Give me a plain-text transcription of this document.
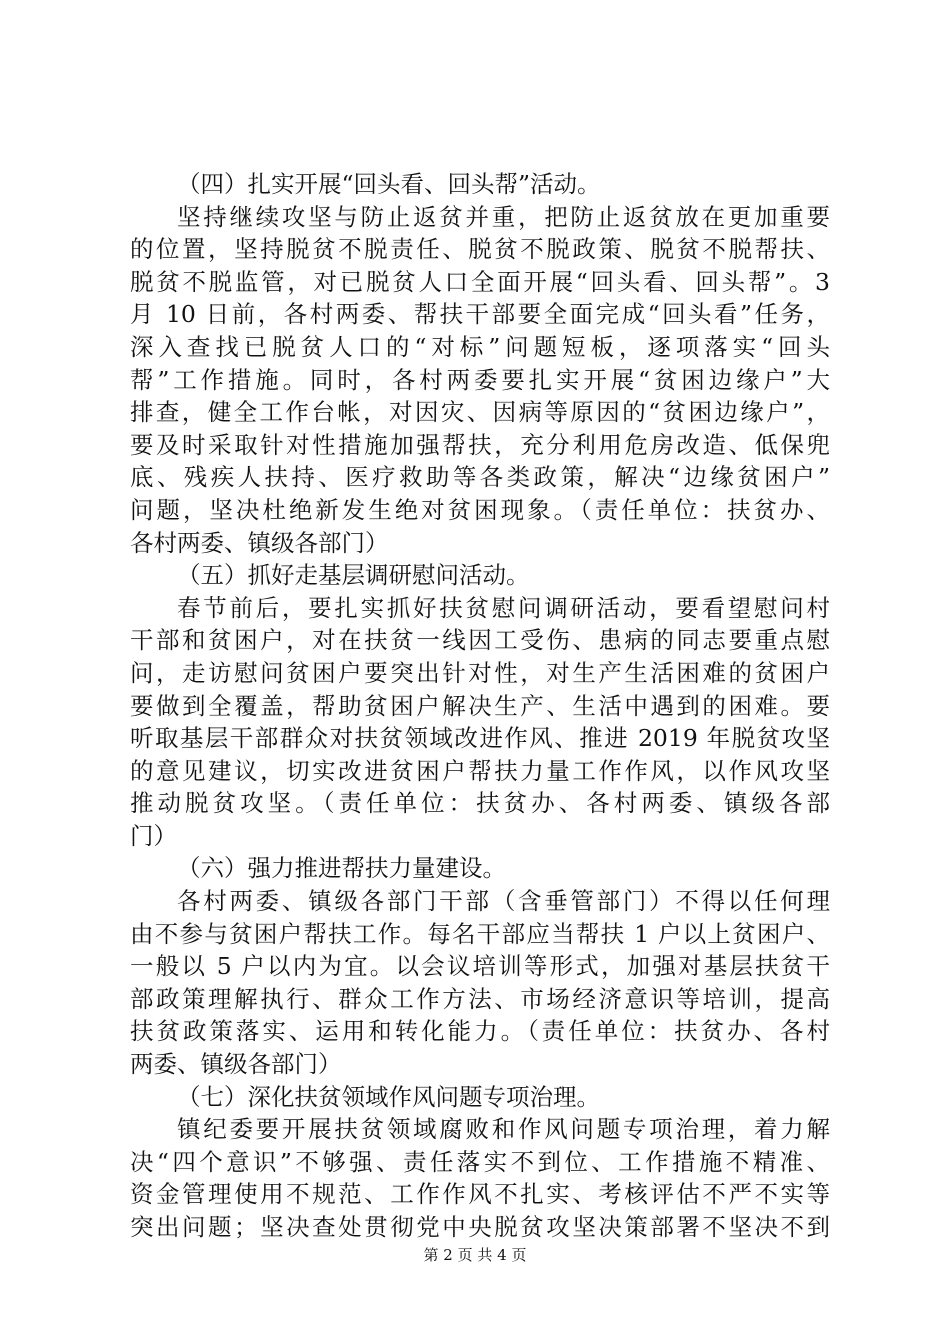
（四）扎实开展“回头看、回头帮”活动。
坚持继续攻坚与防止返贫并重，把防止返贫放在更加重要
的位置，坚持脱贫不脱责任、脱贫不脱政策、脱贫不脱帮扶、
脱贫不脱监管，对已脱贫人口全面开展“回头看、回头帮”。3
月 10 日前，各村两委、帮扶干部要全面完成“回头看”任务，
深入查找已脱贫人口的“对标”问题短板，逐项落实“回头
帮”工作措施。同时，各村两委要扎实开展“贫困边缘户”大
排查，健全工作台帐，对因灾、因病等原因的“贫困边缘户”，
要及时采取针对性措施加强帮扶，充分利用危房改造、低保兜
底、残疾人扶持、医疗救助等各类政策，解决“边缘贫困户”
问题，坚决杜绝新发生绝对贫困现象。（责任单位：扶贫办、
各村两委、镇级各部门）
（五）抓好走基层调研慰问活动。
春节前后，要扎实抓好扶贫慰问调研活动，要看望慰问村
干部和贫困户，对在扶贫一线因工受伤、患病的同志要重点慰
问，走访慰问贫困户要突出针对性，对生产生活困难的贫困户
要做到全覆盖，帮助贫困户解决生产、生活中遇到的困难。要
听取基层干部群众对扶贫领域改进作风、推进 2019 年脱贫攻坚
的意见建议，切实改进贫困户帮扶力量工作作风，以作风攻坚
推动脱贫攻坚。（责任单位：扶贫办、各村两委、镇级各部
门）
（六）强力推进帮扶力量建设。
各村两委、镇级各部门干部（含垂管部门）不得以任何理
由不参与贫困户帮扶工作。每名干部应当帮扶 1 户以上贫困户、
一般以 5 户以内为宜。以会议培训等形式，加强对基层扶贫干
部政策理解执行、群众工作方法、市场经济意识等培训，提高
扶贫政策落实、运用和转化能力。（责任单位：扶贫办、各村
两委、镇级各部门）
（七）深化扶贫领域作风问题专项治理。
镇纪委要开展扶贫领域腐败和作风问题专项治理，着力解
决“四个意识”不够强、责任落实不到位、工作措施不精准、
资金管理使用不规范、工作作风不扎实、考核评估不严不实等
突出问题；坚决查处贯彻党中央脱贫攻坚决策部署不坚决不到
第 2 页 共 4 页
